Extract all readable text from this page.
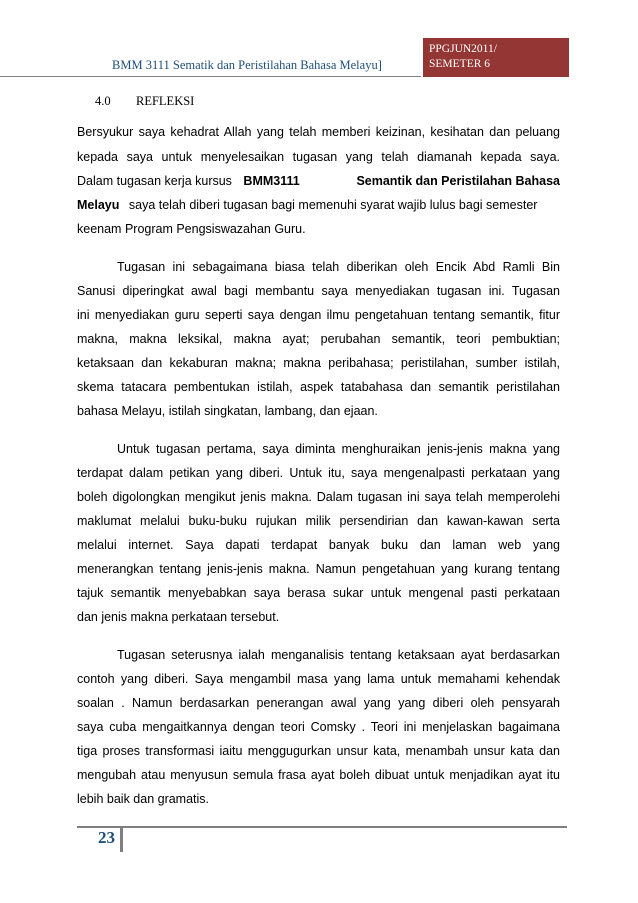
BMM 3111 Sematik dan Peristilahan Bahasa Melayu]
PPGJUN2011/
SEMETER 6
4.0 REFLEKSI
Bersyukur saya kehadrat Allah yang telah memberi keizinan, kesihatan dan peluang
kepada saya untuk menyelesaikan tugasan yang telah diamanah kepada saya.
Dalam tugasan kerja kursus BMM3111	Semantik dan Peristilahan Bahasa
Melayu saya telah diberi tugasan bagi memenuhi syarat wajib lulus bagi semester
keenam Program Pengsiswazahan Guru.
Tugasan ini sebagaimana biasa telah diberikan oleh Encik Abd Ramli Bin
Sanusi diperingkat awal bagi membantu saya menyediakan tugasan ini. Tugasan
ini menyediakan guru seperti saya dengan ilmu pengetahuan tentang semantik, fitur
makna, makna leksikal, makna ayat; perubahan semantik, teori pembuktian;
ketaksaan dan kekaburan makna; makna peribahasa; peristilahan, sumber istilah,
skema tatacara pembentukan istilah, aspek tatabahasa dan semantik peristilahan
bahasa Melayu, istilah singkatan, lambang, dan ejaan.
Untuk tugasan pertama, saya diminta menghuraikan jenis-jenis makna yang
terdapat dalam petikan yang diberi. Untuk itu, saya mengenalpasti perkataan yang
boleh digolongkan mengikut jenis makna. Dalam tugasan ini saya telah memperolehi
maklumat melalui buku-buku rujukan milik persendirian dan kawan-kawan serta
melalui internet. Saya dapati terdapat banyak buku dan laman web yang
menerangkan tentang jenis-jenis makna. Namun pengetahuan yang kurang tentang
tajuk semantik menyebabkan saya berasa sukar untuk mengenal pasti perkataan
dan jenis makna perkataan tersebut.
Tugasan seterusnya ialah menganalisis tentang ketaksaan ayat berdasarkan
contoh yang diberi. Saya mengambil masa yang lama untuk memahami kehendak
soalan . Namun berdasarkan penerangan awal yang yang diberi oleh pensyarah
saya cuba mengaitkannya dengan teori Comsky . Teori ini menjelaskan bagaimana
tiga proses transformasi iaitu menggugurkan unsur kata, menambah unsur kata dan
mengubah atau menyusun semula frasa ayat boleh dibuat untuk menjadikan ayat itu
lebih baik dan gramatis.
23
